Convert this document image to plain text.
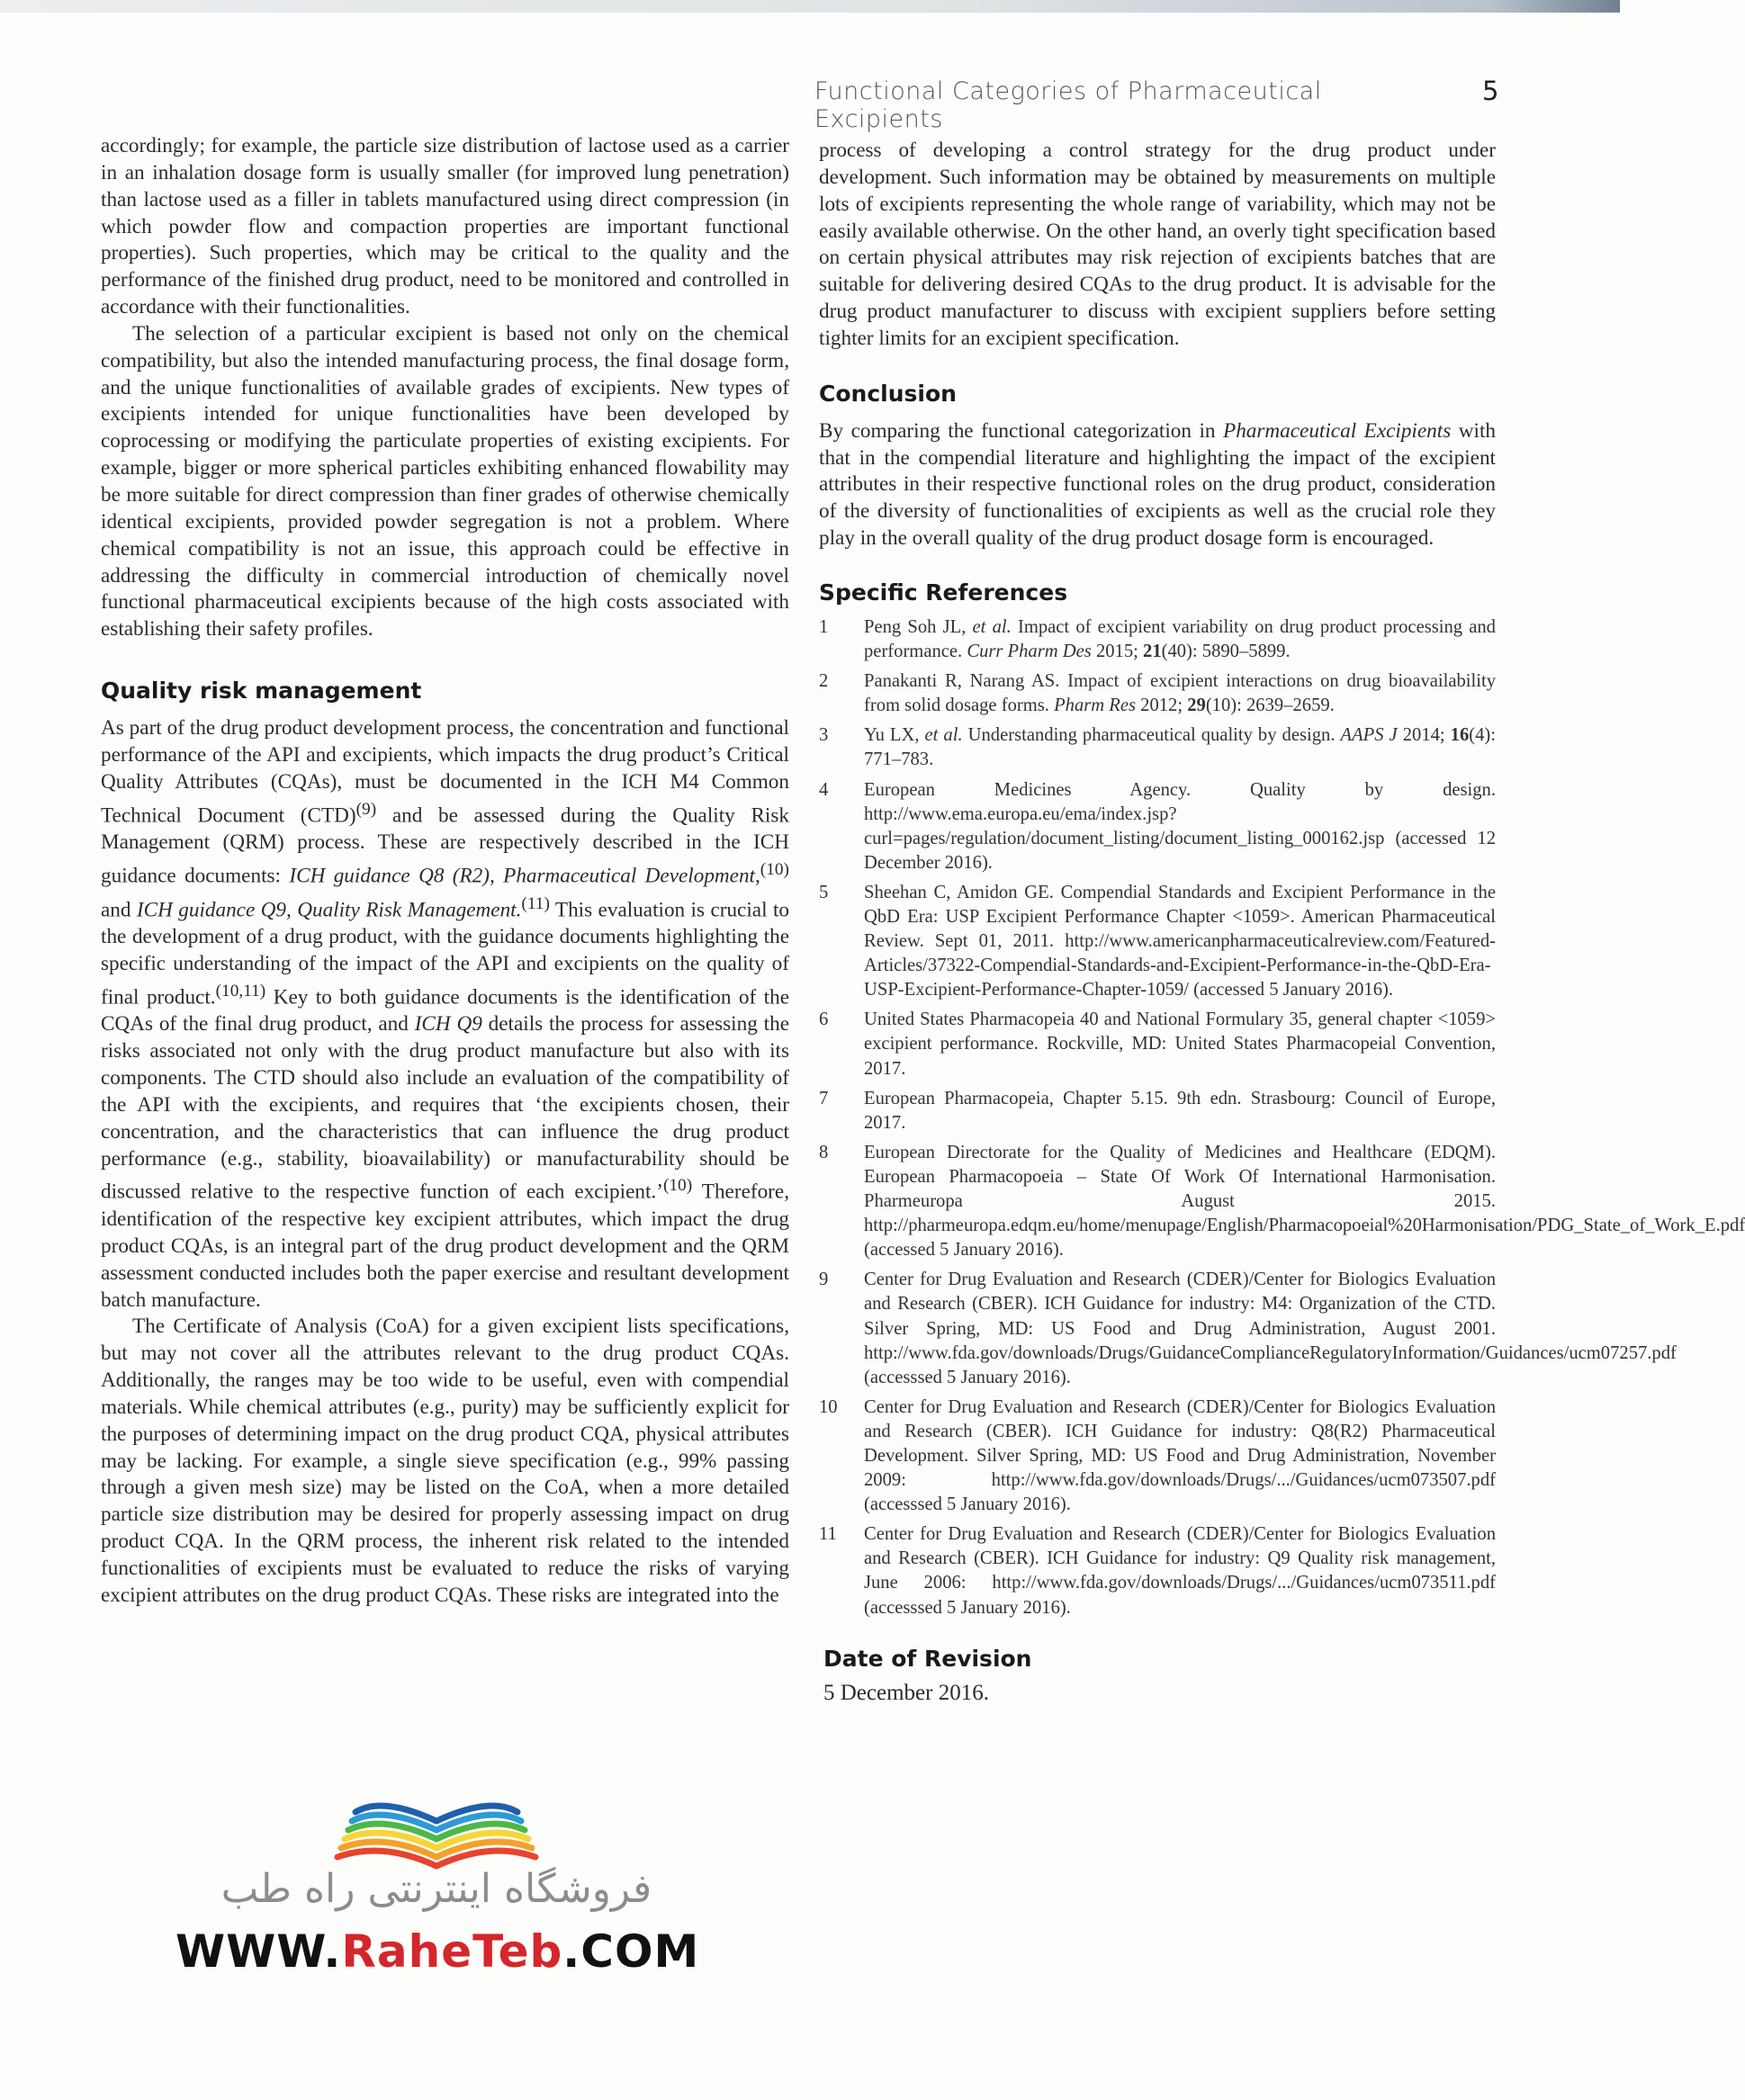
Functional Categories of Pharmaceutical Excipients
5

accordingly; for example, the particle size distribution of lactose used as a carrier in an inhalation dosage form is usually smaller (for improved lung penetration) than lactose used as a filler in tablets manufactured using direct compression (in which powder flow and compaction properties are important functional properties). Such properties, which may be critical to the quality and the performance of the finished drug product, need to be monitored and controlled in accordance with their functionalities.

The selection of a particular excipient is based not only on the chemical compatibility, but also the intended manufacturing process, the final dosage form, and the unique functionalities of available grades of excipients. New types of excipients intended for unique functionalities have been developed by coprocessing or modifying the particulate properties of existing excipients. For example, bigger or more spherical particles exhibiting enhanced flowability may be more suitable for direct compression than finer grades of otherwise chemically identical excipients, provided powder segregation is not a problem. Where chemical compatibility is not an issue, this approach could be effective in addressing the difficulty in commercial introduction of chemically novel functional pharmaceutical excipients because of the high costs associated with establishing their safety profiles.

Quality risk management

As part of the drug product development process, the concentration and functional performance of the API and excipients, which impacts the drug product’s Critical Quality Attributes (CQAs), must be documented in the ICH M4 Common Technical Document (CTD)$^{(9)}$ and be assessed during the Quality Risk Management (QRM) process. These are respectively described in the ICH guidance documents: ICH guidance Q8 (R2), Pharmaceutical Development,$^{(10)}$ and ICH guidance Q9, Quality Risk Management.$^{(11)}$ This evaluation is crucial to the development of a drug product, with the guidance documents highlighting the specific understanding of the impact of the API and excipients on the quality of final product.$^{(10,11)}$ Key to both guidance documents is the identification of the CQAs of the final drug product, and ICH Q9 details the process for assessing the risks associated not only with the drug product manufacture but also with its components. The CTD should also include an evaluation of the compatibility of the API with the excipients, and requires that ‘the excipients chosen, their concentration, and the characteristics that can influence the drug product performance (e.g., stability, bioavailability) or manufacturability should be discussed relative to the respective function of each excipient.’$^{(10)}$ Therefore, identification of the respective key excipient attributes, which impact the drug product CQAs, is an integral part of the drug product development and the QRM assessment conducted includes both the paper exercise and resultant development batch manufacture.

The Certificate of Analysis (CoA) for a given excipient lists specifications, but may not cover all the attributes relevant to the drug product CQAs. Additionally, the ranges may be too wide to be useful, even with compendial materials. While chemical attributes (e.g., purity) may be sufficiently explicit for the purposes of determining impact on the drug product CQA, physical attributes may be lacking. For example, a single sieve specification (e.g., 99% passing through a given mesh size) may be listed on the CoA, when a more detailed particle size distribution may be desired for properly assessing impact on drug product CQA. In the QRM process, the inherent risk related to the intended functionalities of excipients must be evaluated to reduce the risks of varying excipient attributes on the drug product CQAs. These risks are integrated into the

process of developing a control strategy for the drug product under development. Such information may be obtained by measurements on multiple lots of excipients representing the whole range of variability, which may not be easily available otherwise. On the other hand, an overly tight specification based on certain physical attributes may risk rejection of excipients batches that are suitable for delivering desired CQAs to the drug product. It is advisable for the drug product manufacturer to discuss with excipient suppliers before setting tighter limits for an excipient specification.

Conclusion

By comparing the functional categorization in Pharmaceutical Excipients with that in the compendial literature and highlighting the impact of the excipient attributes in their respective functional roles on the drug product, consideration of the diversity of functionalities of excipients as well as the crucial role they play in the overall quality of the drug product dosage form is encouraged.

Specific References
1	Peng Soh JL, et al. Impact of excipient variability on drug product processing and performance. Curr Pharm Des 2015; 21(40): 5890–5899.
2	Panakanti R, Narang AS. Impact of excipient interactions on drug bioavailability from solid dosage forms. Pharm Res 2012; 29(10): 2639–2659.
3	Yu LX, et al. Understanding pharmaceutical quality by design. AAPS J 2014; 16(4): 771–783.
4	European Medicines Agency. Quality by design. http://www.ema.europa.eu/ema/index.jsp?curl=pages/regulation/document_listing/document_listing_000162.jsp (accessed 12 December 2016).
5	Sheehan C, Amidon GE. Compendial Standards and Excipient Performance in the QbD Era: USP Excipient Performance Chapter <1059>. American Pharmaceutical Review. Sept 01, 2011. http://www.americanpharmaceuticalreview.com/Featured-Articles/37322-Compendial-Standards-and-Excipient-Performance-in-the-QbD-Era-USP-Excipient-Performance-Chapter-1059/ (accessed 5 January 2016).
6	United States Pharmacopeia 40 and National Formulary 35, general chapter <1059> excipient performance. Rockville, MD: United States Pharmacopeial Convention, 2017.
7	European Pharmacopeia, Chapter 5.15. 9th edn. Strasbourg: Council of Europe, 2017.
8	European Directorate for the Quality of Medicines and Healthcare (EDQM). European Pharmacopoeia – State Of Work Of International Harmonisation. Pharmeuropa August 2015. http://pharmeuropa.edqm.eu/home/menupage/English/Pharmacopoeial%20Harmonisation/PDG_State_of_Work_E.pdf (accessed 5 January 2016).
9	Center for Drug Evaluation and Research (CDER)/Center for Biologics Evaluation and Research (CBER). ICH Guidance for industry: M4: Organization of the CTD. Silver Spring, MD: US Food and Drug Administration, August 2001. http://www.fda.gov/downloads/Drugs/GuidanceComplianceRegulatoryInformation/Guidances/ucm07257.pdf (accesssed 5 January 2016).
10	Center for Drug Evaluation and Research (CDER)/Center for Biologics Evaluation and Research (CBER). ICH Guidance for industry: Q8(R2) Pharmaceutical Development. Silver Spring, MD: US Food and Drug Administration, November 2009: http://www.fda.gov/downloads/Drugs/.../Guidances/ucm073507.pdf (accesssed 5 January 2016).
11	Center for Drug Evaluation and Research (CDER)/Center for Biologics Evaluation and Research (CBER). ICH Guidance for industry: Q9 Quality risk management, June 2006: http://www.fda.gov/downloads/Drugs/.../Guidances/ucm073511.pdf (accesssed 5 January 2016).
Date of Revision
5 December 2016.
فروشگاه اینترنتی راه طب
WWW.RaheTeb.COM
